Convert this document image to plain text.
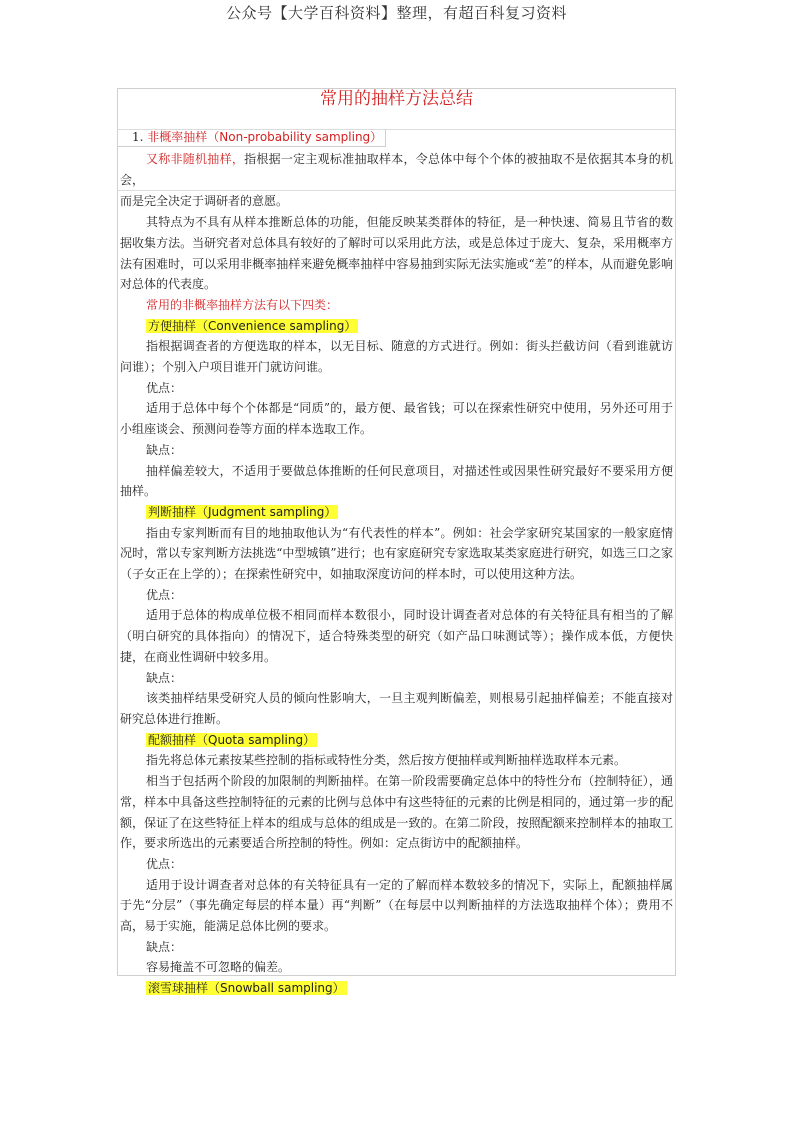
公众号【大学百科资料】整理，有超百科复习资料
常用的抽样方法总结
1. 非概率抽样（Non-probability sampling）

又称非随机抽样，指根据一定主观标准抽取样本，令总体中每个个体的被抽取不是依据其本身的机会，

而是完全决定于调研者的意愿。

其特点为不具有从样本推断总体的功能，但能反映某类群体的特征，是一种快速、简易且节省的数据收集方法。当研究者对总体具有较好的了解时可以采用此方法，或是总体过于庞大、复杂，采用概率方法有困难时，可以采用非概率抽样来避免概率抽样中容易抽到实际无法实施或“差”的样本，从而避免影响对总体的代表度。

常用的非概率抽样方法有以下四类：

方便抽样（Convenience sampling）

指根据调查者的方便选取的样本，以无目标、随意的方式进行。例如：街头拦截访问（看到谁就访问谁）；个别入户项目谁开门就访问谁。

优点：

适用于总体中每个个体都是“同质”的，最方便、最省钱；可以在探索性研究中使用，另外还可用于小组座谈会、预测问卷等方面的样本选取工作。

缺点：

抽样偏差较大，不适用于要做总体推断的任何民意项目，对描述性或因果性研究最好不要采用方便抽样。

判断抽样（Judgment sampling）

指由专家判断而有目的地抽取他认为“有代表性的样本”。例如：社会学家研究某国家的一般家庭情况时，常以专家判断方法挑选“中型城镇”进行；也有家庭研究专家选取某类家庭进行研究，如选三口之家（子女正在上学的）；在探索性研究中，如抽取深度访问的样本时，可以使用这种方法。

优点：

适用于总体的构成单位极不相同而样本数很小，同时设计调查者对总体的有关特征具有相当的了解（明白研究的具体指向）的情况下，适合特殊类型的研究（如产品口味测试等）；操作成本低，方便快捷，在商业性调研中较多用。

缺点：

该类抽样结果受研究人员的倾向性影响大，一旦主观判断偏差，则根易引起抽样偏差；不能直接对研究总体进行推断。

配额抽样（Quota sampling）

指先将总体元素按某些控制的指标或特性分类，然后按方便抽样或判断抽样选取样本元素。

相当于包括两个阶段的加限制的判断抽样。在第一阶段需要确定总体中的特性分布（控制特征），通常，样本中具备这些控制特征的元素的比例与总体中有这些特征的元素的比例是相同的，通过第一步的配额，保证了在这些特征上样本的组成与总体的组成是一致的。在第二阶段，按照配额来控制样本的抽取工作，要求所选出的元素要适合所控制的特性。例如：定点街访中的配额抽样。

优点：

适用于设计调查者对总体的有关特征具有一定的了解而样本数较多的情况下，实际上，配额抽样属于先“分层”（事先确定每层的样本量）再“判断”（在每层中以判断抽样的方法选取抽样个体）；费用不高，易于实施，能满足总体比例的要求。

缺点：

容易掩盖不可忽略的偏差。

滚雪球抽样（Snowball sampling）
